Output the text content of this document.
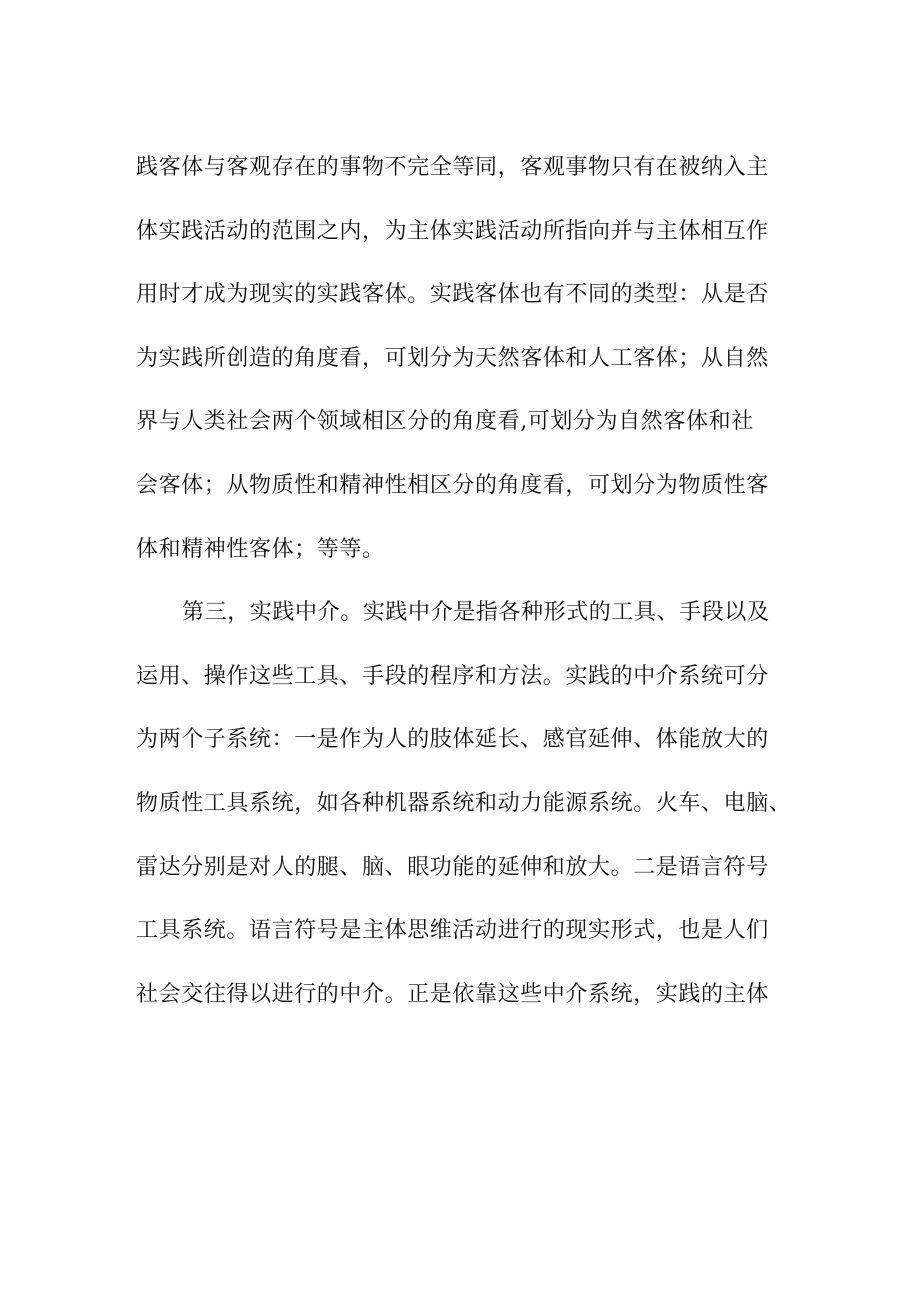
践客体与客观存在的事物不完全等同，客观事物只有在被纳入主
体实践活动的范围之内，为主体实践活动所指向并与主体相互作
用时才成为现实的实践客体。实践客体也有不同的类型：从是否
为实践所创造的角度看，可划分为天然客体和人工客体；从自然
界与人类社会两个领域相区分的角度看,可划分为自然客体和社
会客体；从物质性和精神性相区分的角度看，可划分为物质性客
体和精神性客体；等等。

第三，实践中介。实践中介是指各种形式的工具、手段以及
运用、操作这些工具、手段的程序和方法。实践的中介系统可分
为两个子系统：一是作为人的肢体延长、感官延伸、体能放大的
物质性工具系统，如各种机器系统和动力能源系统。火车、电脑、
雷达分别是对人的腿、脑、眼功能的延伸和放大。二是语言符号
工具系统。语言符号是主体思维活动进行的现实形式，也是人们
社会交往得以进行的中介。正是依靠这些中介系统，实践的主体
